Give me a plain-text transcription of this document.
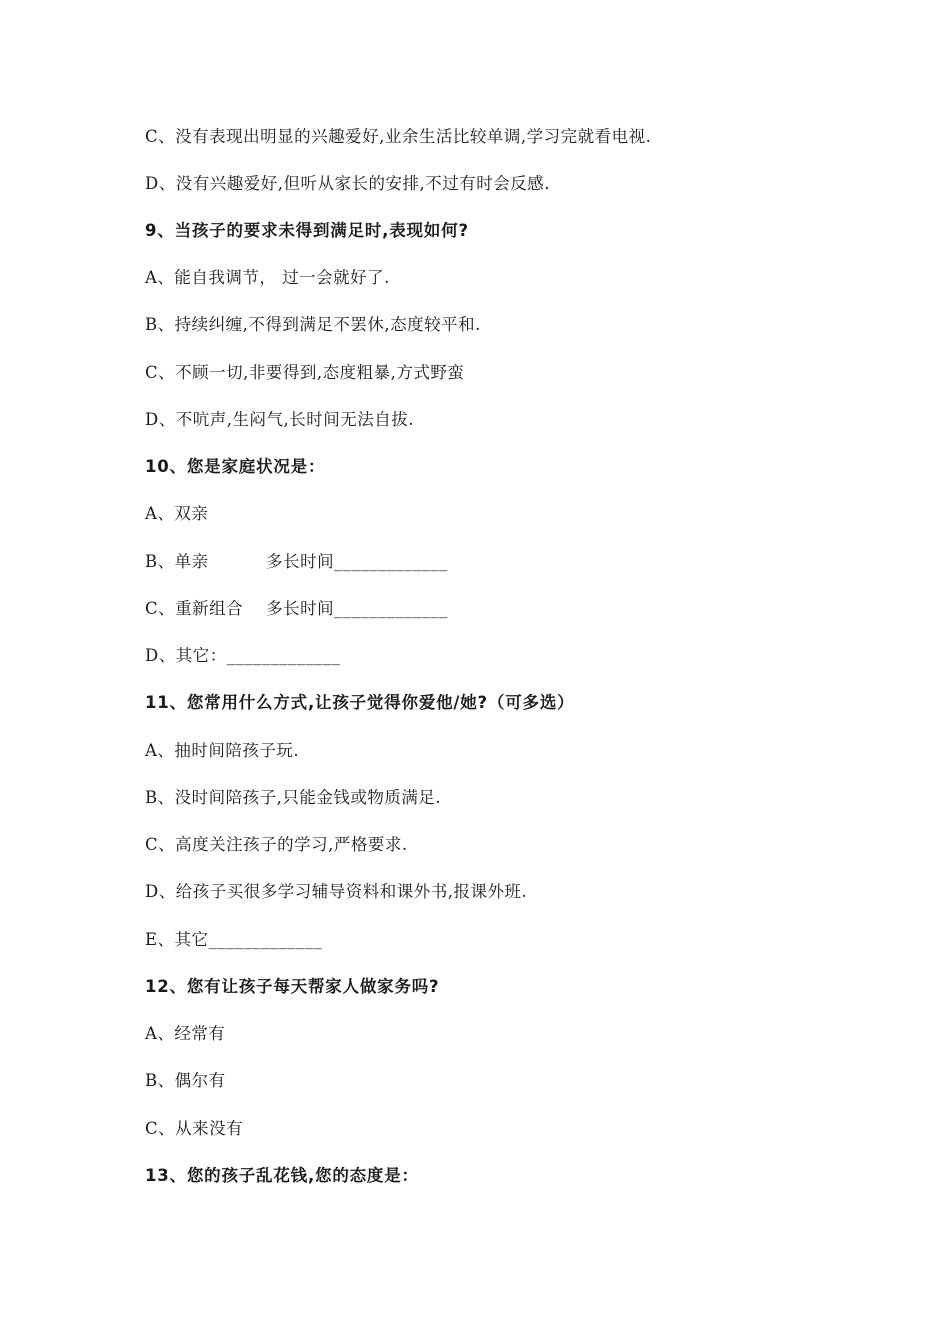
C、没有表现出明显的兴趣爱好,业余生活比较单调,学习完就看电视.
D、没有兴趣爱好,但听从家长的安排,不过有时会反感.
9、当孩子的要求未得到满足时,表现如何?
A、能自我调节， 过一会就好了.
B、持续纠缠,不得到满足不罢休,态度较平和.
C、不顾一切,非要得到,态度粗暴,方式野蛮
D、不吭声,生闷气,长时间无法自拔.
10、您是家庭状况是：
A、双亲
B、单亲          多长时间_____________
C、重新组合    多长时间_____________
D、其它：_____________
11、您常用什么方式,让孩子觉得你爱他/她?（可多选）
A、抽时间陪孩子玩.
B、没时间陪孩子,只能金钱或物质满足.
C、高度关注孩子的学习,严格要求.
D、给孩子买很多学习辅导资料和课外书,报课外班.
E、其它_____________
12、您有让孩子每天帮家人做家务吗?
A、经常有
B、偶尔有
C、从来没有
13、您的孩子乱花钱,您的态度是：
